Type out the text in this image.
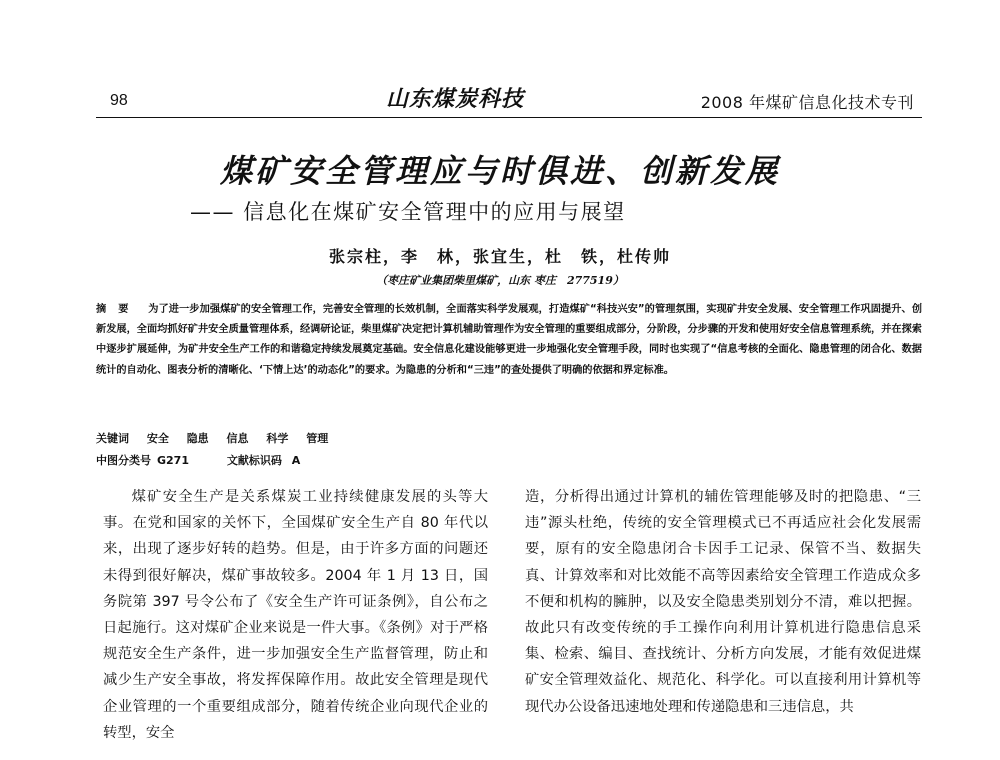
98	山东煤炭科技	2008 年煤矿信息化技术专刊
煤矿安全管理应与时俱进、创新发展
—— 信息化在煤矿安全管理中的应用与展望
张宗柱，李　林，张宜生，杜　铁，杜传帅
（枣庄矿业集团柴里煤矿，山东 枣庄　277519）
摘要 为了进一步加强煤矿的安全管理工作，完善安全管理的长效机制，全面落实科学发展观，打造煤矿“科技兴安”的管理氛围，实现矿井安全发展、安全管理工作巩固提升、创新发展，全面均抓好矿井安全质量管理体系，经调研论证，柴里煤矿决定把计算机辅助管理作为安全管理的重要组成部分，分阶段，分步骤的开发和使用好安全信息管理系统，并在探索中逐步扩展延伸，为矿井安全生产工作的和谐稳定持续发展奠定基础。安全信息化建设能够更进一步地强化安全管理手段，同时也实现了“信息考核的全面化、隐患管理的闭合化、数据统计的自动化、图表分析的清晰化、‘下情上达’的动态化”的要求。为隐患的分析和“三违”的查处提供了明确的依据和界定标准。
关键词 安全 隐患 信息 科学 管理
中图分类号 G271	文献标识码 A

煤矿安全生产是关系煤炭工业持续健康发展的头等大事。在党和国家的关怀下，全国煤矿安全生产自 80 年代以来，出现了逐步好转的趋势。但是，由于许多方面的问题还未得到很好解决，煤矿事故较多。2004 年 1 月 13 日，国务院第 397 号令公布了《安全生产许可证条例》，自公布之日起施行。这对煤矿企业来说是一件大事。《条例》对于严格规范安全生产条件，进一步加强安全生产监督管理，防止和减少生产安全事故，将发挥保障作用。故此安全管理是现代企业管理的一个重要组成部分，随着传统企业向现代企业的转型，安全

造，分析得出通过计算机的辅佐管理能够及时的把隐患、“三违”源头杜绝，传统的安全管理模式已不再适应社会化发展需要，原有的安全隐患闭合卡因手工记录、保管不当、数据失真、计算效率和对比效能不高等因素给安全管理工作造成众多不便和机构的臃肿，以及安全隐患类别划分不清，难以把握。故此只有改变传统的手工操作向利用计算机进行隐患信息采集、检索、编目、查找统计、分析方向发展，才能有效促进煤矿安全管理效益化、规范化、科学化。可以直接利用计算机等现代办公设备迅速地处理和传递隐患和三违信息，共
